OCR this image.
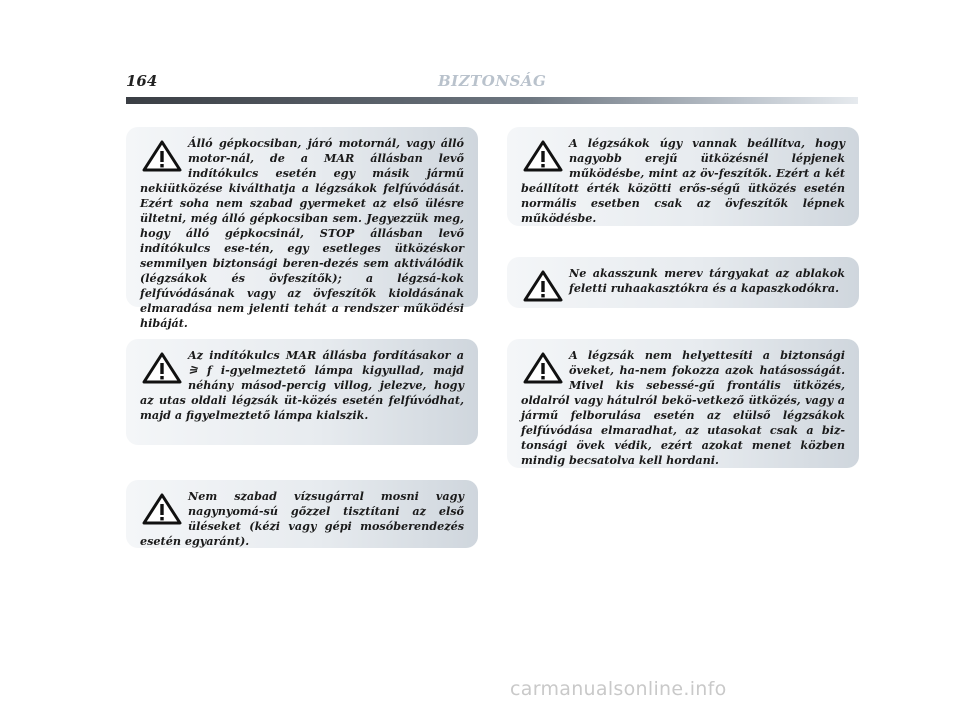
164	BIZTONSÁG

Álló gépkocsiban, járó motornál, vagy álló motor-nál, de a MAR állásban levő indítókulcs esetén egy másik jármű nekiütközése kiválthatja a légzsákok felfúvódását. Ezért soha nem szabad gyermeket az első ülésre ültetni, még álló gépkocsiban sem. Jegyezzük meg, hogy álló gépkocsinál, STOP állásban levő indítókulcs ese-tén, egy esetleges ütközéskor semmilyen biztonsági beren-dezés sem aktiválódik (légzsákok és övfeszítők); a légzsá-kok felfúvódásának vagy az övfeszítők kioldásának elmaradása nem jelenti tehát a rendszer működési hibáját.

Az indítókulcs MAR állásba fordításakor a ⚞ f i-gyelmeztető lámpa kigyullad, majd néhány másod-percig villog, jelezve, hogy az utas oldali légzsák üt-közés esetén felfúvódhat, majd a figyelmeztető lámpa kialszik.

Nem szabad vízsugárral mosni vagy nagynyomá-sú gőzzel tisztítani az első üléseket (kézi vagy gépi mosóberendezés esetén egyaránt).

A légzsákok úgy vannak beállítva, hogy nagyobb erejű ütközésnél lépjenek működésbe, mint az öv-feszítők. Ezért a két beállított érték közötti erős-ségű ütközés esetén normális esetben csak az övfeszítők lépnek működésbe.

Ne akasszunk merev tárgyakat az ablakok feletti ruhaakasztókra és a kapaszkodókra.

A légzsák nem helyettesíti a biztonsági öveket, ha-nem fokozza azok hatásosságát. Mivel kis sebessé-gű frontális ütközés, oldalról vagy hátulról bekö-vetkező ütközés, vagy a jármű felborulása esetén az elülső légzsákok felfúvódása elmaradhat, az utasokat csak a biz-tonsági övek védik, ezért azokat menet közben mindig becsatolva kell hordani.

carmanualsonline.info
